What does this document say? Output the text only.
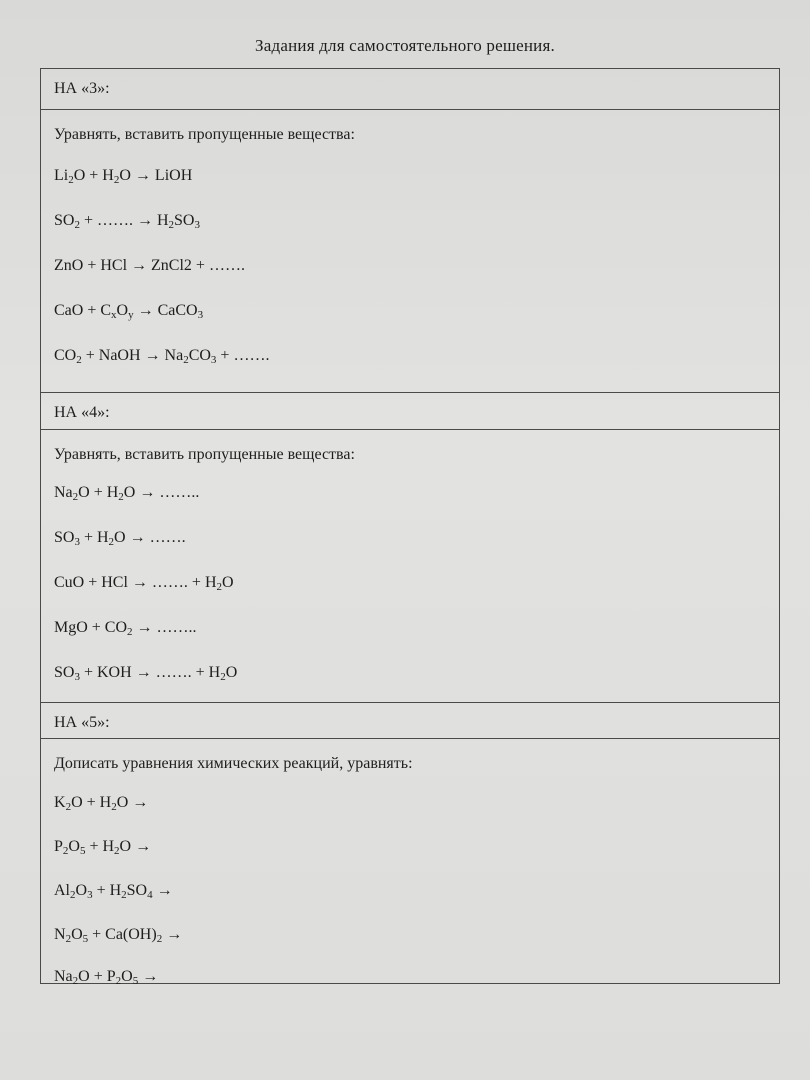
Задания для самостоятельного решения.
НА «3»:
Уравнять, вставить пропущенные вещества:
$Li_2O + H_2O$ → LiOH
$SO_2$ + ……. → $H_2SO_3$
ZnO + HCl → ZnCl2 + …….
CaO + $C_xO_y$ → CaCO$_3$
$CO_2$ + NaOH → $Na_2CO_3$ + …….
НА «4»:
Уравнять, вставить пропущенные вещества:
$Na_2O + H_2O$ → ……..
$SO_3 + H_2O$ → …….
CuO + HCl → ……. + $H_2O$
MgO + $CO_2$ → ……..
$SO_3$ + KOH → ……. + $H_2O$
НА «5»:
Дописать уравнения химических реакций, уравнять:
$K_2O + H_2O$ →
$P_2O_5 + H_2O$ →
$Al_2O_3 + H_2SO_4$ →
$N_2O_5 + Ca(OH)_2$ →
$Na_2O + P_2O_5$ →
